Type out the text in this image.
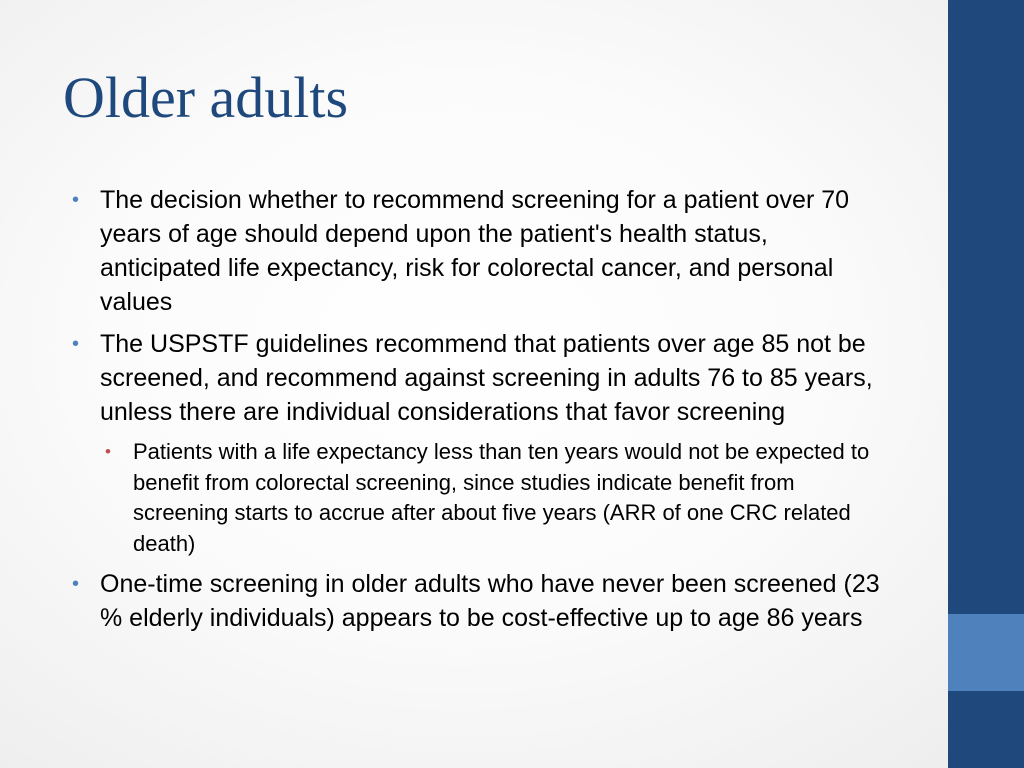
Older adults
• The decision whether to recommend screening for a patient over 70 years of age should depend upon the patient's health status, anticipated life expectancy, risk for colorectal cancer, and personal values
• The USPSTF guidelines recommend that patients over age 85 not be screened, and recommend against screening in adults 76 to 85 years, unless there are individual considerations that favor screening
• Patients with a life expectancy less than ten years would not be expected to benefit from colorectal screening, since studies indicate benefit from screening starts to accrue after about five years (ARR of one CRC related death)
• One-time screening in older adults who have never been screened (23 % elderly individuals) appears to be cost-effective up to age 86 years
